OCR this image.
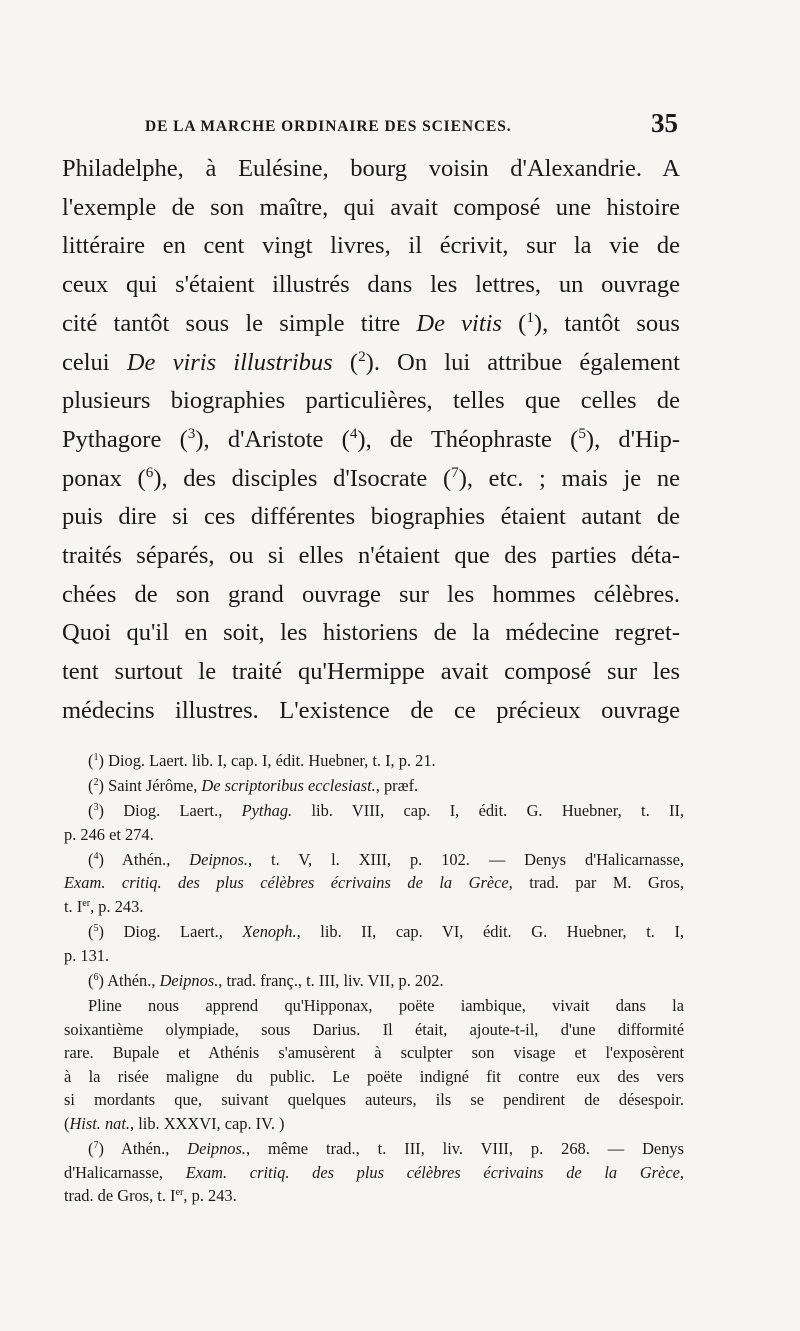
DE LA MARCHE ORDINAIRE DES SCIENCES.	35
Philadelphe, à Eulésine, bourg voisin d'Alexandrie. A
l'exemple de son maître, qui avait composé une histoire
littéraire en cent vingt livres, il écrivit, sur la vie de
ceux qui s'étaient illustrés dans les lettres, un ouvrage
cité tantôt sous le simple titre De vitis ($^1$), tantôt sous
celui De viris illustribus ($^2$). On lui attribue également
plusieurs biographies particulières, telles que celles de
Pythagore ($^3$), d'Aristote ($^4$), de Théophraste ($^5$), d'Hip-
ponax ($^6$), des disciples d'Isocrate ($^7$), etc. ; mais je ne
puis dire si ces différentes biographies étaient autant de
traités séparés, ou si elles n'étaient que des parties déta-
chées de son grand ouvrage sur les hommes célèbres.
Quoi qu'il en soit, les historiens de la médecine regret-
tent surtout le traité qu'Hermippe avait composé sur les
médecins illustres. L'existence de ce précieux ouvrage
($^1$) Diog. Laert. lib. I, cap. I, édit. Huebner, t. I, p. 21.
($^2$) Saint Jérôme, De scriptoribus ecclesiast., præf.
($^3$) Diog. Laert., Pythag. lib. VIII, cap. I, édit. G. Huebner, t. II,
p. 246 et 274.
($^4$) Athén., Deipnos., t. V, l. XIII, p. 102. — Denys d'Halicarnasse,
Exam. critiq. des plus célèbres écrivains de la Grèce, trad. par M. Gros,
t. Ier, p. 243.
($^5$) Diog. Laert., Xenoph., lib. II, cap. VI, édit. G. Huebner, t. I,
p. 131.
($^6$) Athén., Deipnos., trad. franç., t. III, liv. VII, p. 202.
Pline nous apprend qu'Hipponax, poëte iambique, vivait dans la
soixantième olympiade, sous Darius. Il était, ajoute-t-il, d'une difformité
rare. Bupale et Athénis s'amusèrent à sculpter son visage et l'exposèrent
à la risée maligne du public. Le poëte indigné fit contre eux des vers
si mordants que, suivant quelques auteurs, ils se pendirent de désespoir.
(Hist. nat., lib. XXXVI, cap. IV. )
($^7$) Athén., Deipnos., même trad., t. III, liv. VIII, p. 268. — Denys
d'Halicarnasse, Exam. critiq. des plus célèbres écrivains de la Grèce,
trad. de Gros, t. Ier, p. 243.
